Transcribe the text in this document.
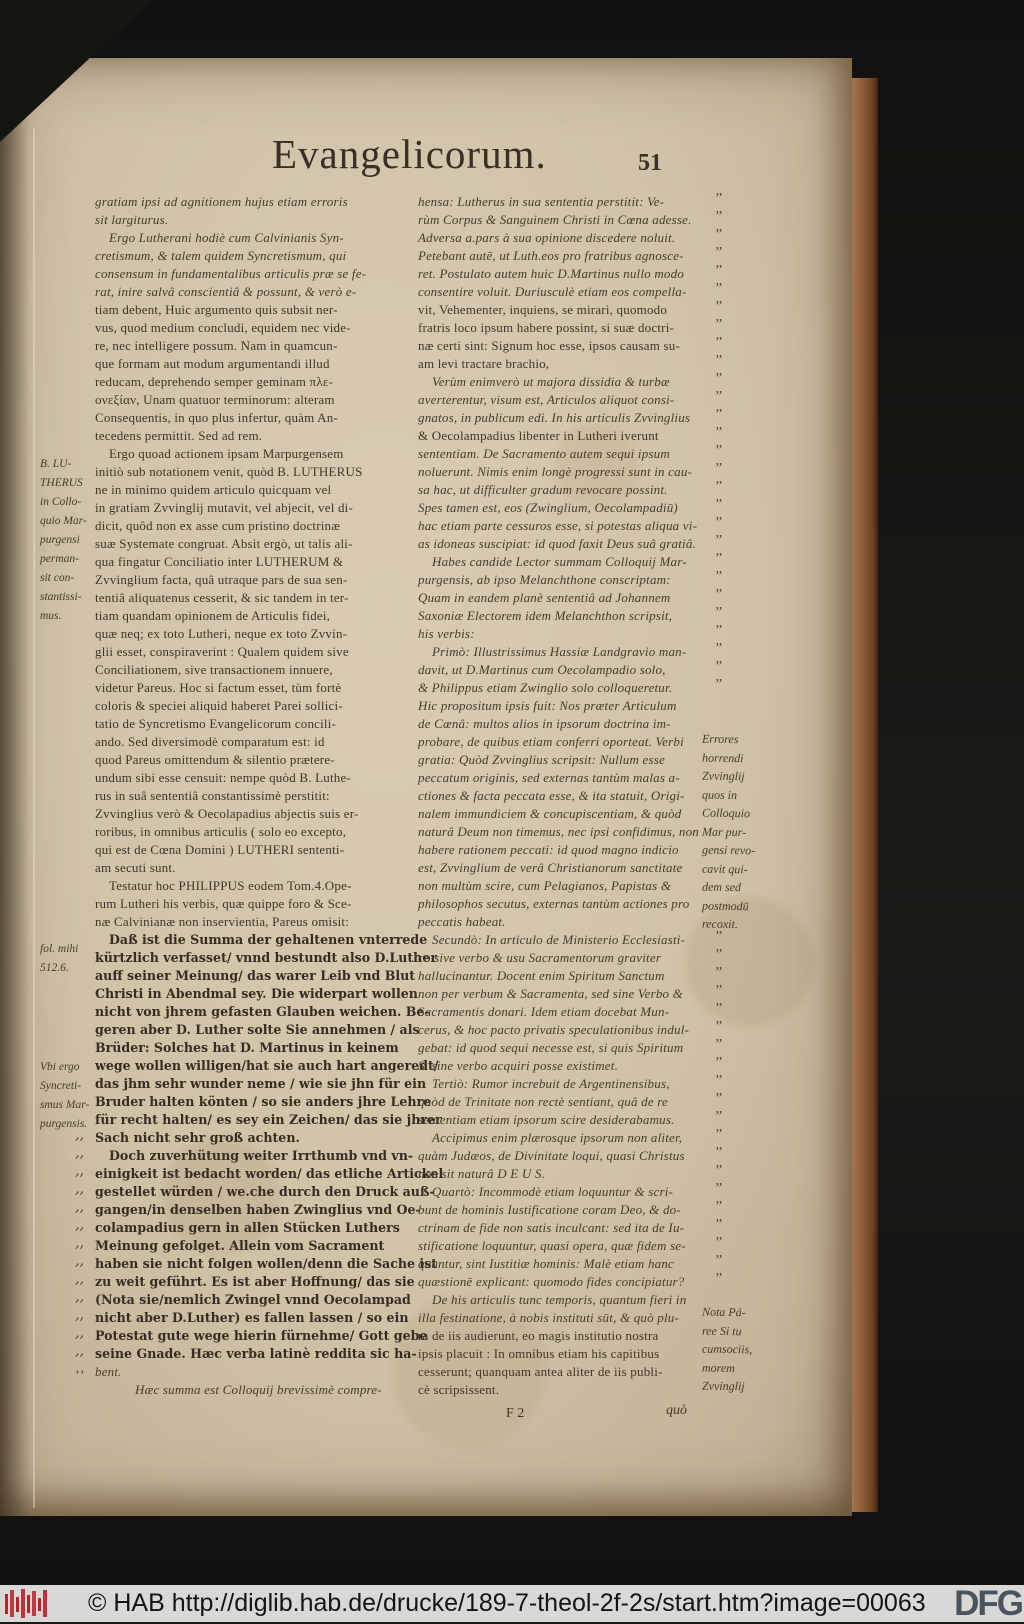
Evangelicorum.	51
B. LU-
THERUS
in Collo-
quio Mar-
purgensi
perman-
sit con-
stantissi-
mus.
fol. mihi
512.6.
Vbi ergo
Syncreti-
smus Mar-
purgensis.
gratiam ipsi ad agnitionem hujus etiam erroris
sit largiturus.
Ergo Lutherani hodiè cum Calvinianis Syn-
cretismum, & talem quidem Syncretismum, qui
consensum in fundamentalibus articulis præ se fe-
rat, inire salvâ conscientiâ & possunt, & verò e-
tiam debent, Huic argumento quis subsit ner-
vus, quod medium concludi, equidem nec vide-
re, nec intelligere possum. Nam in quamcun-
que formam aut modum argumentandi illud
reducam, deprehendo semper geminam πλε-
ονεξίαν, Unam quatuor terminorum: alteram
Consequentis, in quo plus infertur, quàm An-
tecedens permittit. Sed ad rem.
Ergo quoad actionem ipsam Marpurgensem
initiò sub notationem venit, quòd B. LUTHERUS
ne in minimo quidem articulo quicquam vel
in gratiam Zvvinglij mutavit, vel abjecit, vel di-
dicit, quôd non ex asse cum pristino doctrinæ
suæ Systemate congruat. Absit ergò, ut talis ali-
qua fingatur Conciliatio inter LUTHERUM &
Zvvinglium facta, quâ utraque pars de sua sen-
tentiâ aliquatenus cesserit, & sic tandem in ter-
tiam quandam opinionem de Articulis fidei,
quæ neq; ex toto Lutheri, neque ex toto Zvvin-
glii esset, conspiraverint : Qualem quidem sive
Conciliationem, sive transactionem innuere,
videtur Pareus. Hoc si factum esset, tùm fortè
coloris & speciei aliquid haberet Parei sollici-
tatio de Syncretismo Evangelicorum concili-
ando. Sed diversimodè comparatum est: id
quod Pareus omittendum & silentio prætere-
undum sibi esse censuit: nempe quòd B. Luthe-
rus in suâ sententiâ constantissimè perstitit:
Zvvinglius verò & Oecolapadius abjectis suis er-
roribus, in omnibus articulis ( solo eo excepto,
qui est de Cœna Domini ) LUTHERI sententi-
am secuti sunt.
Testatur hoc PHILIPPUS eodem Tom.4.Ope-
rum Lutheri his verbis, quæ quippe foro & Sce-
næ Calvinianæ non inservientia, Pareus omisit:
Daß ist die Summa der gehaltenen vnterrede
kürtzlich verfasset/ vnnd bestundt also D.Luther
auff seiner Meinung/ das warer Leib vnd Blut
Christi in Abendmal sey. Die widerpart wollen
nicht von jhrem gefasten Glauben weichen. Be-
geren aber D. Luther solte Sie annehmen / als
Brüder: Solches hat D. Martinus in keinem
wege wollen willigen/hat sie auch hart angeredt/
das jhm sehr wunder neme / wie sie jhn für ein
Bruder halten könten / so sie anders jhre Lehre
für recht halten/ es sey ein Zeichen/ das sie jhrer
Sach nicht sehr groß achten.
‚‚
Doch zuverhütung weiter Irrthumb vnd vn-
‚‚
einigkeit ist bedacht worden/ das etliche Artickel
‚‚
gestellet würden / we.che durch den Druck auß-
‚‚
gangen/in denselben haben Zwinglius vnd Oe-
‚‚
colampadius gern in allen Stücken Luthers
‚‚
Meinung gefolget. Allein vom Sacrament
‚‚
haben sie nicht folgen wollen/denn die Sache ist
‚‚
zu weit geführt. Es ist aber Hoffnung/ das sie
‚‚
(Nota sie/nemlich Zwingel vnnd Oecolampad
‚‚
nicht aber D.Luther) es fallen lassen / so ein
‚‚
Potestat gute wege hierin fürnehme/ Gott gebe
‚‚
seine Gnade. Hæc verba latinè reddita sic ha-
‚‚
bent.
‚‚
Hæc summa est Colloquij brevissimè compre-
hensa: Lutherus in sua sententia perstitit: Ve-	’’
rùm Corpus & Sanguinem Christi in Cœna adesse. ’’
Adversa a.pars à sua opinione discedere noluit.	’’
Petebant autē, ut Luth.eos pro fratribus agnosce- ’’
ret. Postulato autem huic D.Martinus nullo modo ’’
consentire voluit. Duriusculè etiam eos compella- ’’
vit, Vehementer, inquiens, se mirari, quomodo	’’
fratris loco ipsum habere possint, si suæ doctri-	’’
næ certi sint: Signum hoc esse, ipsos causam su- ’’
am levi tractare brachio,	’’
Verùm enimverò ut majora dissidia & turbæ	’’
averterentur, visum est, Articulos aliquot consi-	’’
gnatos, in publicum edi. In his articulis Zvvinglius ’’
& Oecolampadius libenter in Lutheri iverunt	’’
sententiam. De Sacramento autem sequi ipsum	’’
noluerunt. Nimis enim longè progressi sunt in cau- ’’
sa hac, ut difficulter gradum revocare possint.	’’
Spes tamen est, eos (Zwinglium, Oecolampadiū)	’’
hac etiam parte cessuros esse, si potestas aliqua vi- ’’
as idoneas suscipiat: id quod faxit Deus suâ gratiâ. ’’
Habes candide Lector summam Colloquij Mar- ’’
purgensis, ab ipso Melanchthone conscriptam:	’’
Quam in eandem planè sententiâ ad Johannem	’’
Saxoniæ Electorem idem Melanchthon scripsit,	’’
his verbis:	’’
Primò: Illustrissimus Hassiæ Landgravio man- ’’
davit, ut D.Martinus cum Oecolampadio solo,	’’
& Philippus etiam Zwinglio solo colloqueretur.	’’
Hic propositum ipsis fuit: Nos præter Articulum
de Cœnâ: multos alios in ipsorum doctrina im-
probare, de quibus etiam conferri oporteat. Verbi
gratia: Quòd Zvvinglius scripsit: Nullum esse
peccatum originis, sed externas tantùm malas a-
ctiones & facta peccata esse, & ita statuit, Origi-
nalem immundiciem & concupiscentiam, & quòd
naturâ Deum non timemus, nec ipsi confidimus, non
habere rationem peccati: id quod magno indicio
est, Zvvinglium de verâ Christianorum sanctitate
non multùm scire, cum Pelagianos, Papistas &
philosophos secutus, externas tantùm actiones pro
peccatis habeat.
Secundò: In articulo de Ministerio Ecclesiasti- ’’
co sive verbo & usu Sacramentorum graviter	’’
hallucinantur. Docent enim Spiritum Sanctum	’’
non per verbum & Sacramenta, sed sine Verbo & ’’
Sacramentis donari. Idem etiam docebat Mun-	’’
cerus, & hoc pacto privatis speculationibus indul- ’’
gebat: id quod sequi necesse est, si quis Spiritum ’’
S. sine verbo acquiri posse existimet.	’’
Tertiò: Rumor increbuit de Argentinensibus,	’’
quòd de Trinitate non rectè sentiant, quâ de re	’’
sententiam etiam ipsorum scire desiderabamus.	’’
Accipimus enim plærosque ipsorum non aliter, ’’
quàm Judæos, de Divinitate loqui, quasi Christus ’’
non sit naturâ D E U S.	’’
Quartò: Incommodè etiam loquuntur & scri-	’’
bunt de hominis Iustificatione coram Deo, & do- ’’
ctrinam de fide non satis inculcant: sed ita de Iu- ’’
stificatione loquuntur, quasi opera, quæ fidem se- ’’
quuntur, sint Iustitiæ hominis: Malè etiam hanc	’’
quæstionē explicant: quomodo fides concipiatur? ’’
De his articulis tunc temporis, quantum fieri in
illa festinatione, à nobis instituti sūt, & quò plu-
ra de iis audierunt, eo magis institutio nostra
ipsis placuit : In omnibus etiam his capitibus
cesserunt; quanquam antea aliter de iis publi-
cè scripsissent.
Errores
horrendi
Zvvinglij
quos in
Colloquio
Mar pur-
gensi revo-
cavit qui-
dem sed
postmodū
recoxit.
Nota Pá-
ree Si tu
cumsociis,
morem
Zvvinglij
F 2	quò
© HAB http://diglib.hab.de/drucke/189-7-theol-2f-2s/start.htm?image=00063 DFG
